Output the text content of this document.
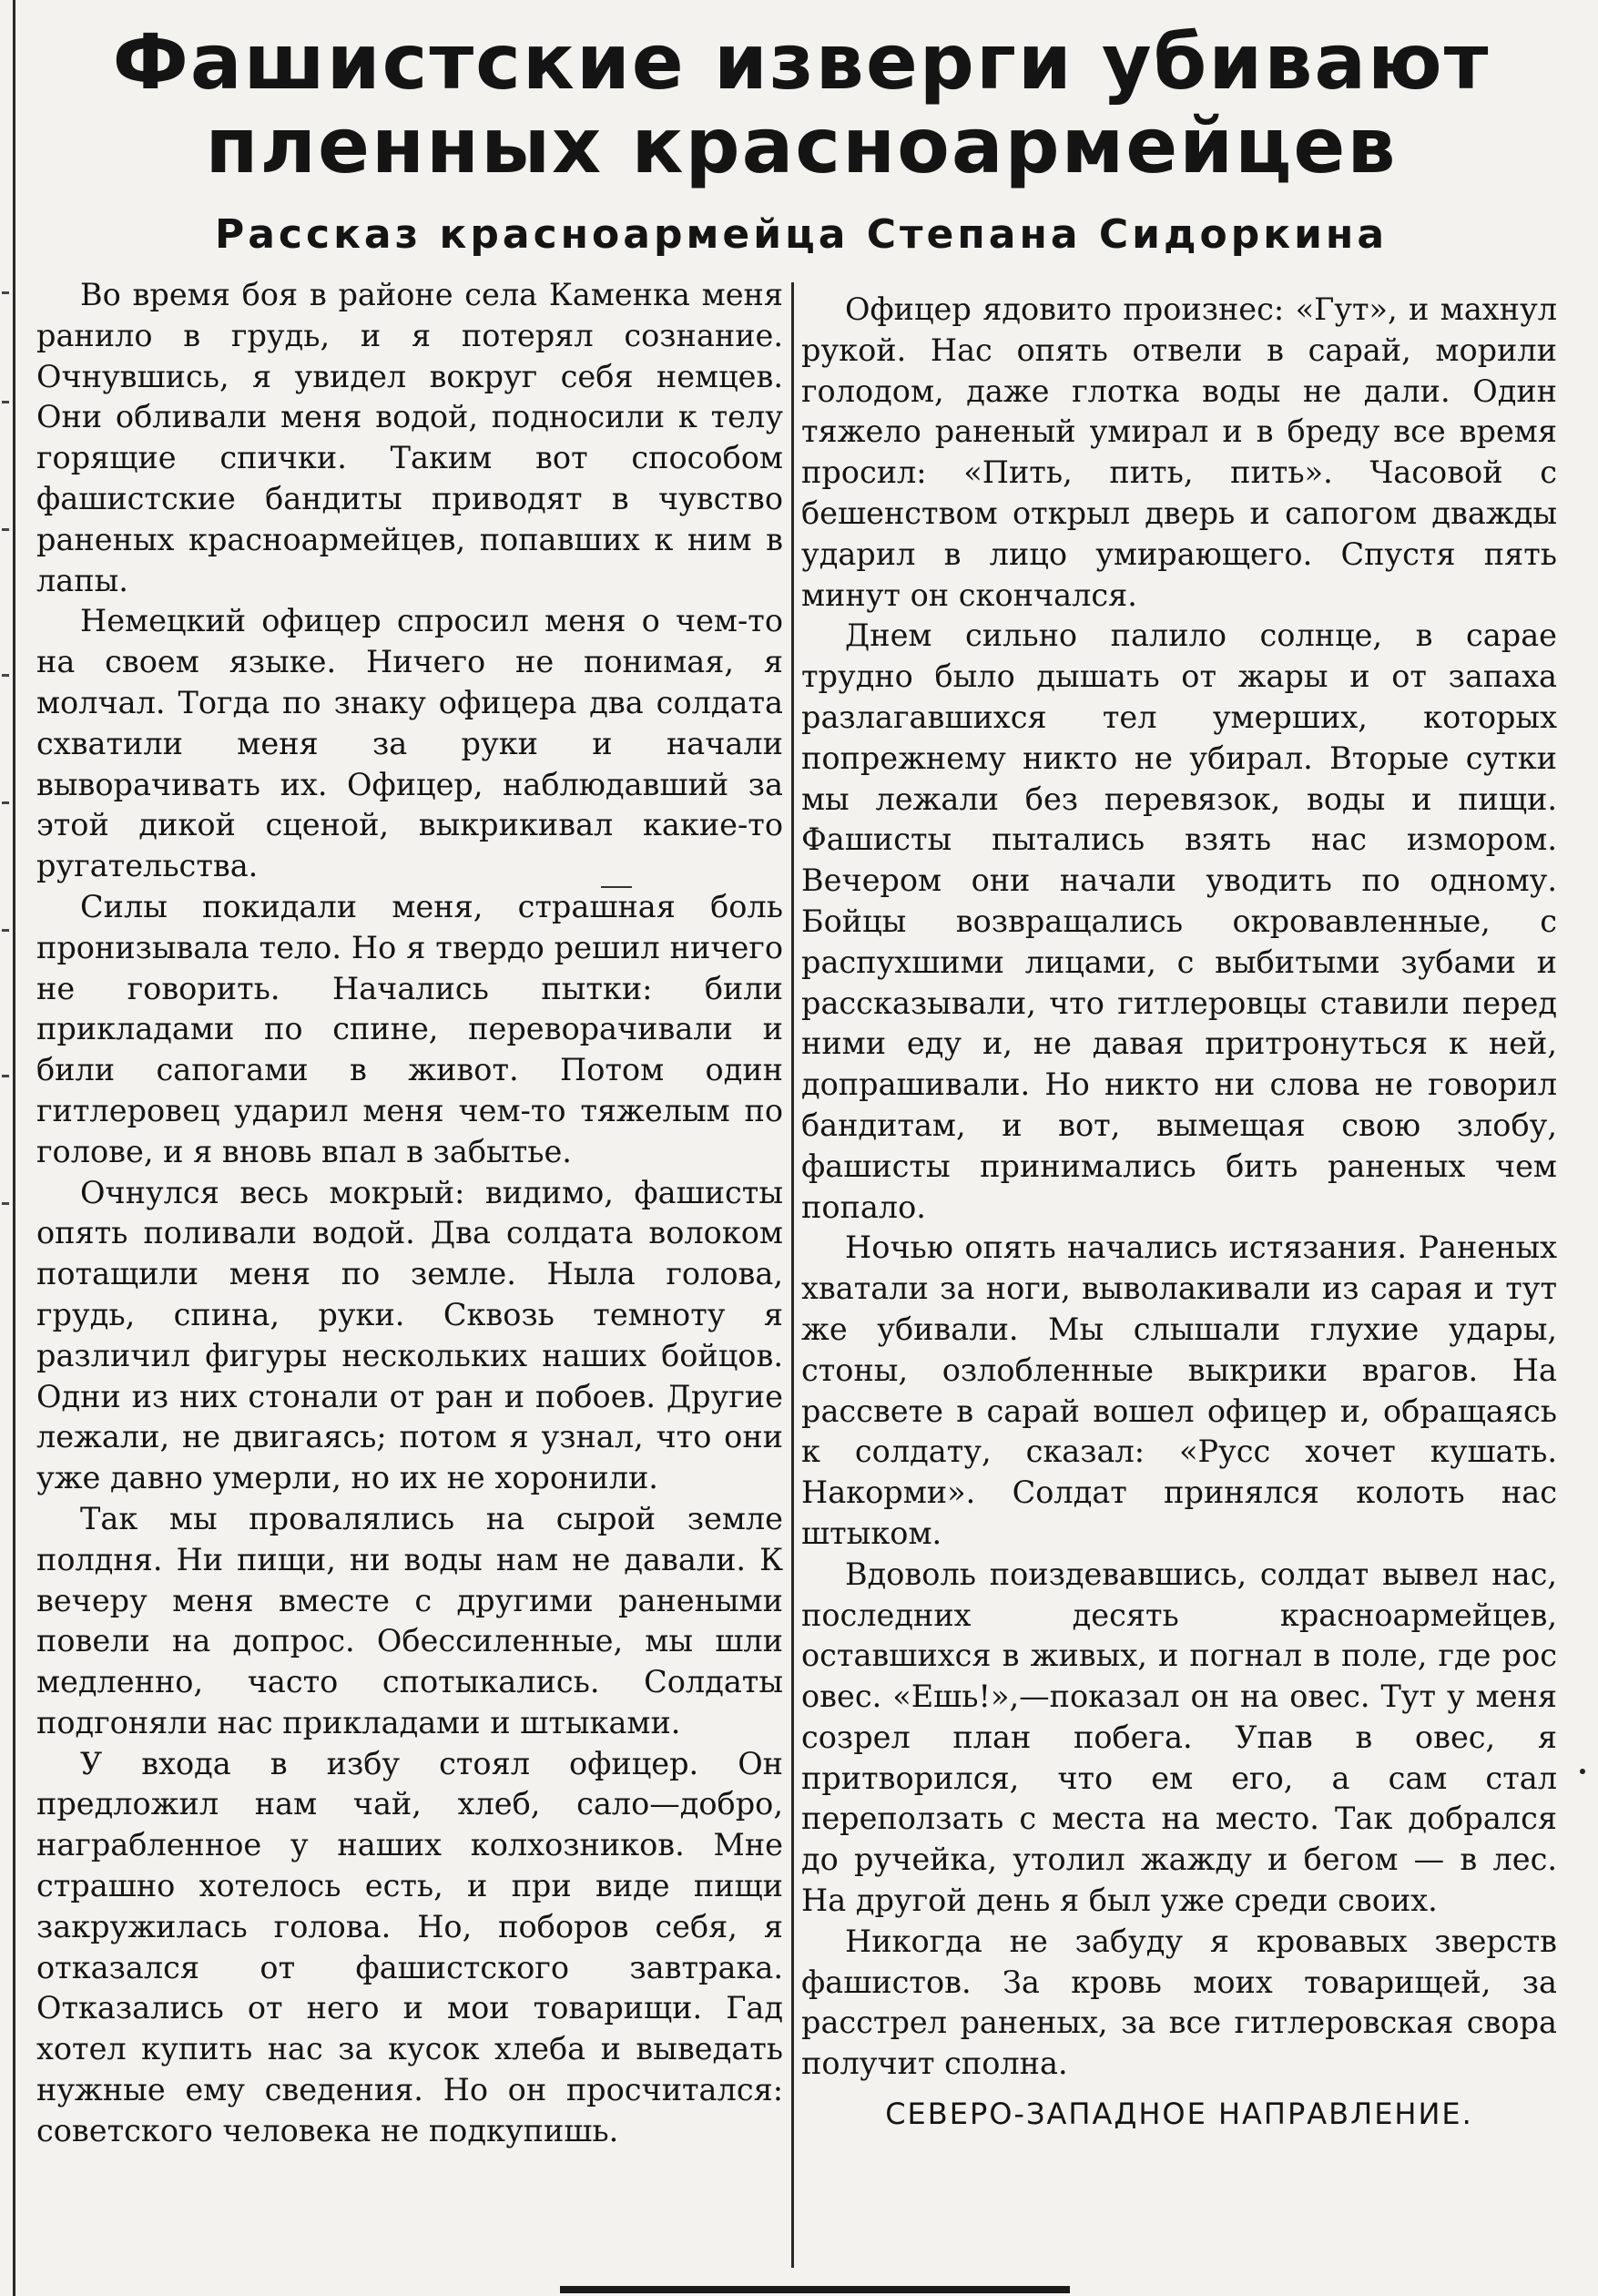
Фашистские изверги убивают
пленных красноармейцев
Рассказ красноармейца Степана Сидоркина

Во время боя в районе села Каменка меня ранило в грудь, и я потерял сознание. Очнувшись, я увидел вокруг себя немцев. Они обливали меня водой, подносили к телу горящие спички. Таким вот способом фашистские бандиты приводят в чувство раненых красноармейцев, попавших к ним в лапы.

Немецкий офицер спросил меня о чем-то на своем языке. Ничего не понимая, я молчал. Тогда по знаку офицера два солдата схватили меня за руки и начали выворачивать их. Офицер, наблюдавший за этой дикой сценой, выкрикивал какие-то ругательства.

Силы покидали меня, страшная боль пронизывала тело. Но я твердо решил ничего не говорить. Начались пытки: били прикладами по спине, переворачивали и били сапогами в живот. Потом один гитлеровец ударил меня чем-то тяжелым по голове, и я вновь впал в забытье.

Очнулся весь мокрый: видимо, фашисты опять поливали водой. Два солдата волоком потащили меня по земле. Ныла голова, грудь, спина, руки. Сквозь темноту я различил фигуры нескольких наших бойцов. Одни из них стонали от ран и побоев. Другие лежали, не двигаясь; потом я узнал, что они уже давно умерли, но их не хоронили.

Так мы провалялись на сырой земле полдня. Ни пищи, ни воды нам не давали. К вечеру меня вместе с другими ранеными повели на допрос. Обессиленные, мы шли медленно, часто спотыкались. Солдаты подгоняли нас прикладами и штыками.

У входа в избу стоял офицер. Он предложил нам чай, хлеб, сало—добро, награбленное у наших колхозников. Мне страшно хотелось есть, и при виде пищи закружилась голова. Но, поборов себя, я отказался от фашистского завтрака. Отказались от него и мои товарищи. Гад хотел купить нас за кусок хлеба и выведать нужные ему сведения. Но он просчитался: советского человека не подкупишь.

Офицер ядовито произнес: «Гут», и махнул рукой. Нас опять отвели в сарай, морили голодом, даже глотка воды не дали. Один тяжело раненый умирал и в бреду все время просил: «Пить, пить, пить». Часовой с бешенством открыл дверь и сапогом дважды ударил в лицо умирающего. Спустя пять минут он скончался.

Днем сильно палило солнце, в сарае трудно было дышать от жары и от запаха разлагавшихся тел умерших, которых попрежнему никто не убирал. Вторые сутки мы лежали без перевязок, воды и пищи. Фашисты пытались взять нас измором. Вечером они начали уводить по одному. Бойцы возвращались окровавленные, с распухшими лицами, с выбитыми зубами и рассказывали, что гитлеровцы ставили перед ними еду и, не давая притронуться к ней, допрашивали. Но никто ни слова не говорил бандитам, и вот, вымещая свою злобу, фашисты принимались бить раненых чем попало.

Ночью опять начались истязания. Раненых хватали за ноги, выволакивали из сарая и тут же убивали. Мы слышали глухие удары, стоны, озлобленные выкрики врагов. На рассвете в сарай вошел офицер и, обращаясь к солдату, сказал: «Русс хочет кушать. Накорми». Солдат принялся колоть нас штыком.

Вдоволь поиздевавшись, солдат вывел нас, последних десять красноармейцев, оставшихся в живых, и погнал в поле, где рос овес. «Ешь!»,—показал он на овес. Тут у меня созрел план побега. Упав в овес, я притворился, что ем его, а сам стал переползать с места на место. Так добрался до ручейка, утолил жажду и бегом — в лес. На другой день я был уже среди своих.

Никогда не забуду я кровавых зверств фашистов. За кровь моих товарищей, за расстрел раненых, за все гитлеровская свора получит сполна.

СЕВЕРО-ЗАПАДНОЕ НАПРАВЛЕНИЕ.
